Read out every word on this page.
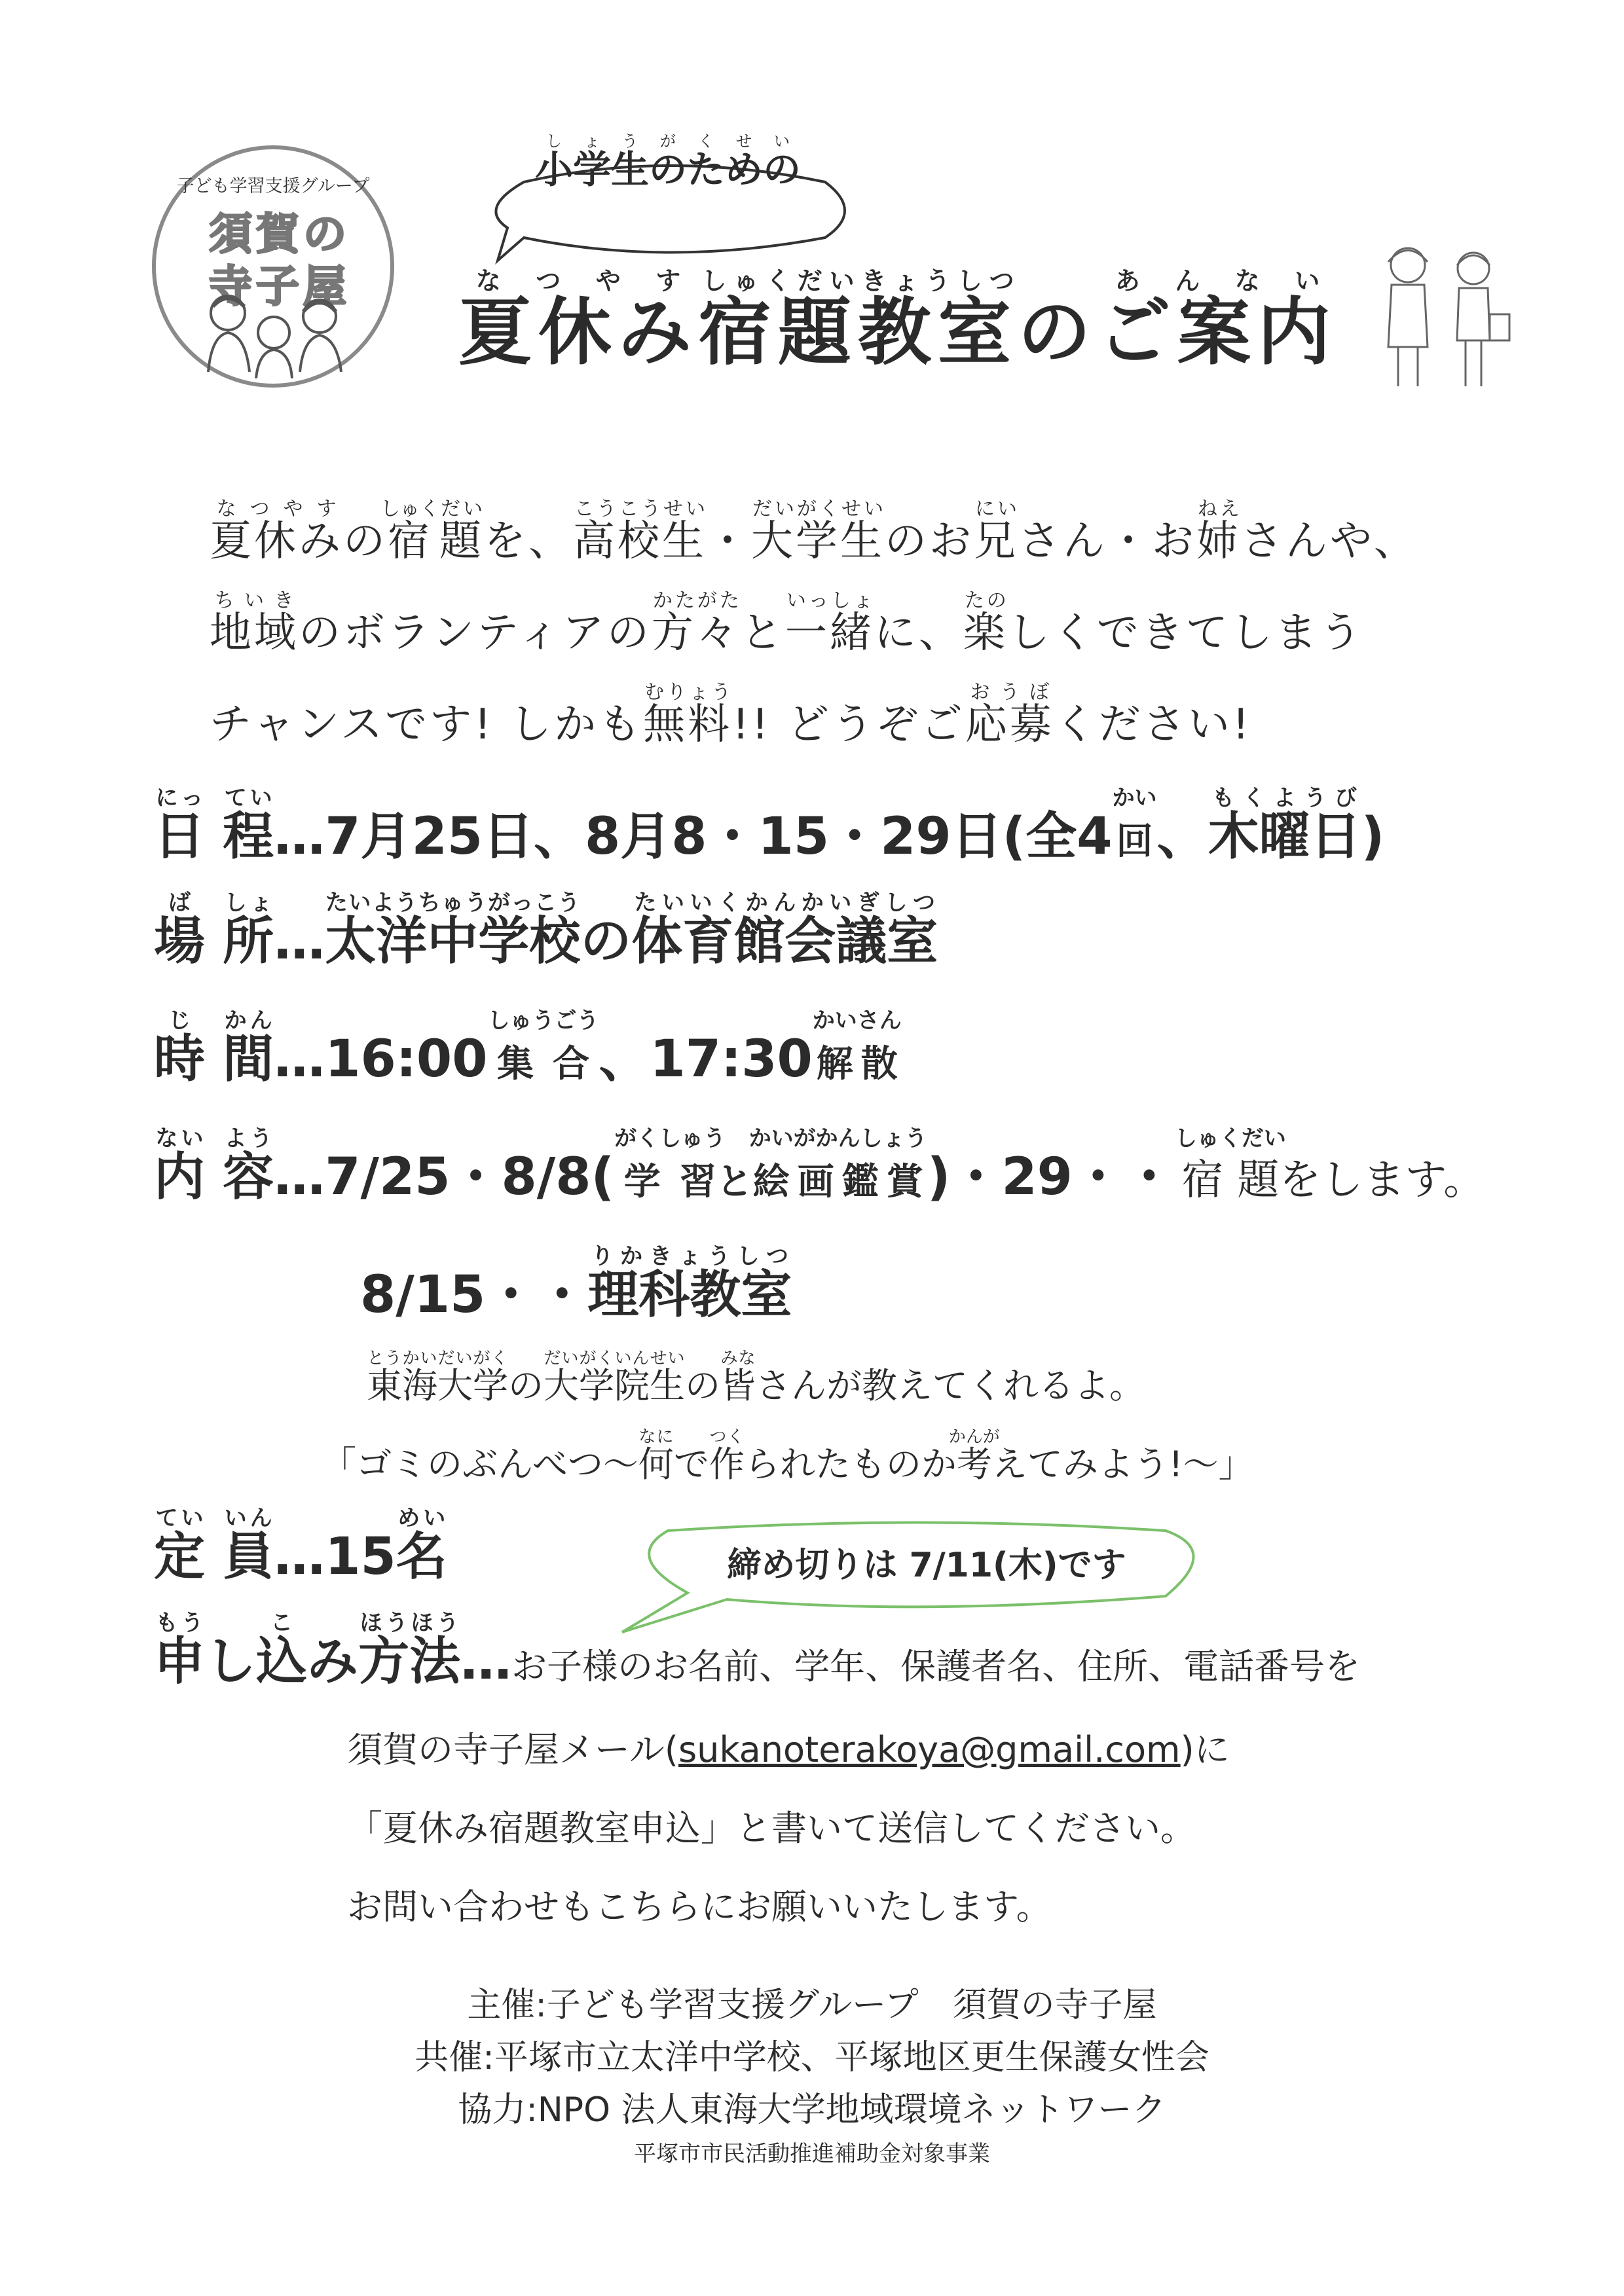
子ども学習支援グループ
須賀の
寺子屋
小学生のためのしょうがくせい
夏休みなつやす宿題教室しゅくだいきょうしつのご案内あんない
夏休みなつやすの宿しゅく題だいを、高校生こうこうせい・大学生だいがくせいのお兄にいさん・お姉ねえさんや、
地域ちいきのボランティアの方々かたがたと一緒いっしょに、楽たのしくできてしまう
チャンスです! しかも無料むりょう!! どうぞご応募おうぼください!
日にっ 程てい…7月25日、8月8・15・29日(全4回かい、木曜日もくようび)
場ば 所しょ…太洋中学校たいようちゅうがっこうの体育館会議室たいいくかんかいぎしつ
時じ 間かん…16:00集合しゅうごう、17:30解散かいさん
内ない 容よう…7/25・8/8(学習がくしゅうと絵画鑑賞かいがかんしょう)・29・・宿題しゅくだいをします。
8/15・・理科教室りかきょうしつ
東海大学とうかいだいがくの大学院生だいがくいんせいの皆みなさんが教えてくれるよ。
「ゴミのぶんべつ〜何なにで作つくられたものか考かんがえてみよう!〜」
定てい 員いん…15名めい
締め切りは 7/11(木)です
申もうし込こみ方法ほうほう…お子様のお名前、学年、保護者名、住所、電話番号を
須賀の寺子屋メール(sukanoterakoya@gmail.com)に
「夏休み宿題教室申込」と書いて送信してください。
お問い合わせもこちらにお願いいたします。
主催:子ども学習支援グループ　須賀の寺子屋
共催:平塚市立太洋中学校、平塚地区更生保護女性会
協力:NPO 法人東海大学地域環境ネットワーク
平塚市市民活動推進補助金対象事業
